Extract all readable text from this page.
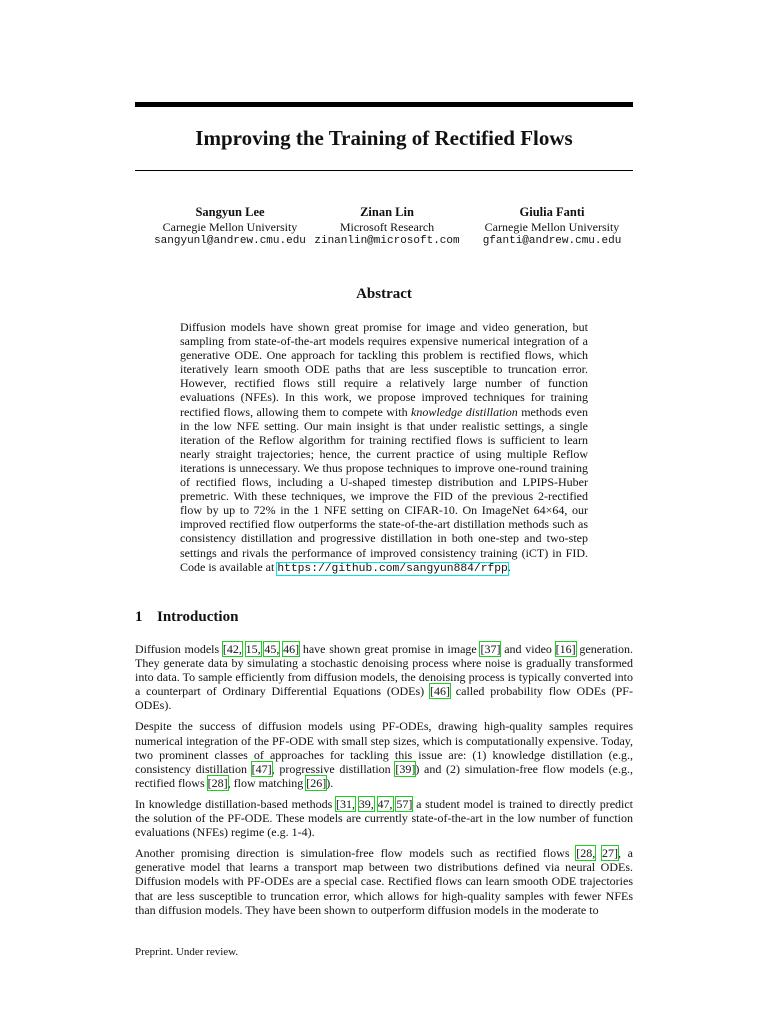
Improving the Training of Rectified Flows
Sangyun Lee
Carnegie Mellon University
sangyunl@andrew.cmu.edu
Zinan Lin
Microsoft Research
zinanlin@microsoft.com
Giulia Fanti
Carnegie Mellon University
gfanti@andrew.cmu.edu
Abstract
Diffusion models have shown great promise for image and video generation, but sampling from state-of-the-art models requires expensive numerical integration of a generative ODE. One approach for tackling this problem is rectified flows, which iteratively learn smooth ODE paths that are less susceptible to truncation error. However, rectified flows still require a relatively large number of function evaluations (NFEs). In this work, we propose improved techniques for training rectified flows, allowing them to compete with knowledge distillation methods even in the low NFE setting. Our main insight is that under realistic settings, a single iteration of the Reflow algorithm for training rectified flows is sufficient to learn nearly straight trajectories; hence, the current practice of using multiple Reflow iterations is unnecessary. We thus propose techniques to improve one-round training of rectified flows, including a U-shaped timestep distribution and LPIPS-Huber premetric. With these techniques, we improve the FID of the previous 2-rectified flow by up to 72% in the 1 NFE setting on CIFAR-10. On ImageNet 64×64, our improved rectified flow outperforms the state-of-the-art distillation methods such as consistency distillation and progressive distillation in both one-step and two-step settings and rivals the performance of improved consistency training (iCT) in FID. Code is available at https://github.com/sangyun884/rfpp.
1 Introduction

Diffusion models [42, 15, 45, 46] have shown great promise in image [37] and video [16] generation. They generate data by simulating a stochastic denoising process where noise is gradually transformed into data. To sample efficiently from diffusion models, the denoising process is typically converted into a counterpart of Ordinary Differential Equations (ODEs) [46] called probability flow ODEs (PF-ODEs).

Despite the success of diffusion models using PF-ODEs, drawing high-quality samples requires numerical integration of the PF-ODE with small step sizes, which is computationally expensive. Today, two prominent classes of approaches for tackling this issue are: (1) knowledge distillation (e.g., consistency distillation [47], progressive distillation [39]) and (2) simulation-free flow models (e.g., rectified flows [28], flow matching [26]).

In knowledge distillation-based methods [31, 39, 47, 57] a student model is trained to directly predict the solution of the PF-ODE. These models are currently state-of-the-art in the low number of function evaluations (NFEs) regime (e.g. 1-4).

Another promising direction is simulation-free flow models such as rectified flows [28, 27], a generative model that learns a transport map between two distributions defined via neural ODEs. Diffusion models with PF-ODEs are a special case. Rectified flows can learn smooth ODE trajectories that are less susceptible to truncation error, which allows for high-quality samples with fewer NFEs than diffusion models. They have been shown to outperform diffusion models in the moderate to

Preprint. Under review.
